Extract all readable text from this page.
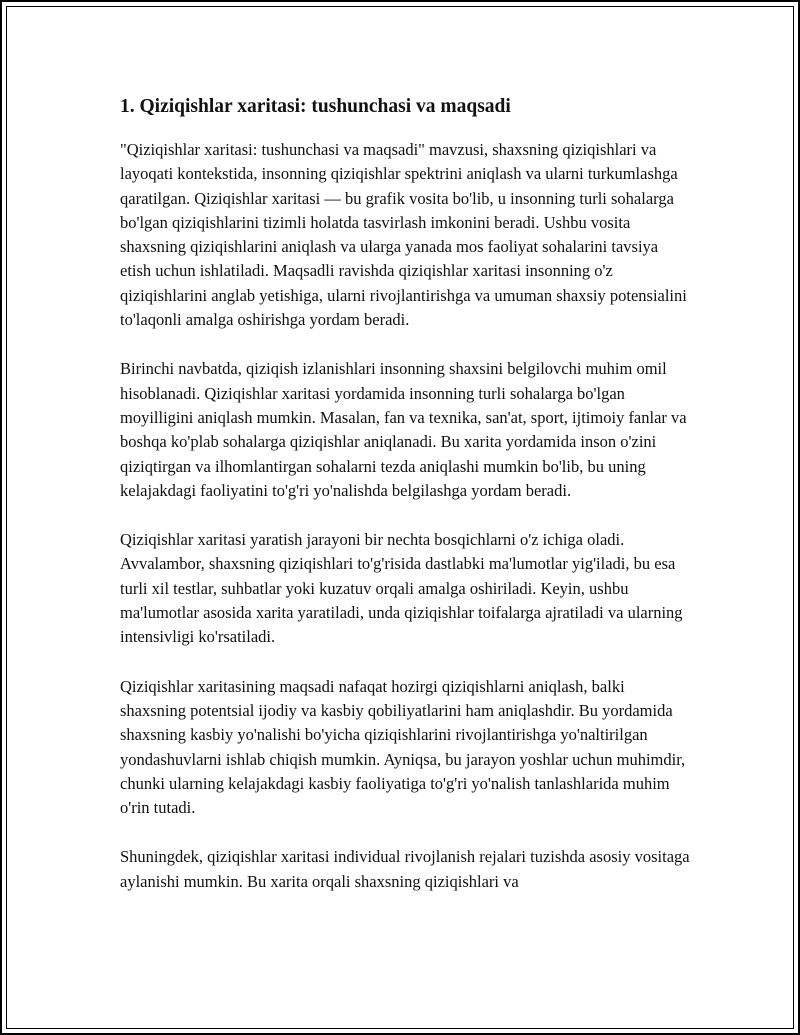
1. Qiziqishlar xaritasi: tushunchasi va maqsadi

"Qiziqishlar xaritasi: tushunchasi va maqsadi" mavzusi, shaxsning qiziqishlari va layoqati kontekstida, insonning qiziqishlar spektrini aniqlash va ularni turkumlashga qaratilgan. Qiziqishlar xaritasi — bu grafik vosita bo'lib, u insonning turli sohalarga bo'lgan qiziqishlarini tizimli holatda tasvirlash imkonini beradi. Ushbu vosita shaxsning qiziqishlarini aniqlash va ularga yanada mos faoliyat sohalarini tavsiya etish uchun ishlatiladi. Maqsadli ravishda qiziqishlar xaritasi insonning o'z qiziqishlarini anglab yetishiga, ularni rivojlantirishga va umuman shaxsiy potensialini to'laqonli amalga oshirishga yordam beradi.

Birinchi navbatda, qiziqish izlanishlari insonning shaxsini belgilovchi muhim omil hisoblanadi. Qiziqishlar xaritasi yordamida insonning turli sohalarga bo'lgan moyilligini aniqlash mumkin. Masalan, fan va texnika, san'at, sport, ijtimoiy fanlar va boshqa ko'plab sohalarga qiziqishlar aniqlanadi. Bu xarita yordamida inson o'zini qiziqtirgan va ilhomlantirgan sohalarni tezda aniqlashi mumkin bo'lib, bu uning kelajakdagi faoliyatini to'g'ri yo'nalishda belgilashga yordam beradi.

Qiziqishlar xaritasi yaratish jarayoni bir nechta bosqichlarni o'z ichiga oladi. Avvalambor, shaxsning qiziqishlari to'g'risida dastlabki ma'lumotlar yig'iladi, bu esa turli xil testlar, suhbatlar yoki kuzatuv orqali amalga oshiriladi. Keyin, ushbu ma'lumotlar asosida xarita yaratiladi, unda qiziqishlar toifalarga ajratiladi va ularning intensivligi ko'rsatiladi.

Qiziqishlar xaritasining maqsadi nafaqat hozirgi qiziqishlarni aniqlash, balki shaxsning potentsial ijodiy va kasbiy qobiliyatlarini ham aniqlashdir. Bu yordamida shaxsning kasbiy yo'nalishi bo'yicha qiziqishlarini rivojlantirishga yo'naltirilgan yondashuvlarni ishlab chiqish mumkin. Ayniqsa, bu jarayon yoshlar uchun muhimdir, chunki ularning kelajakdagi kasbiy faoliyatiga to'g'ri yo'nalish tanlashlarida muhim o'rin tutadi.

Shuningdek, qiziqishlar xaritasi individual rivojlanish rejalari tuzishda asosiy vositaga aylanishi mumkin. Bu xarita orqali shaxsning qiziqishlari va
